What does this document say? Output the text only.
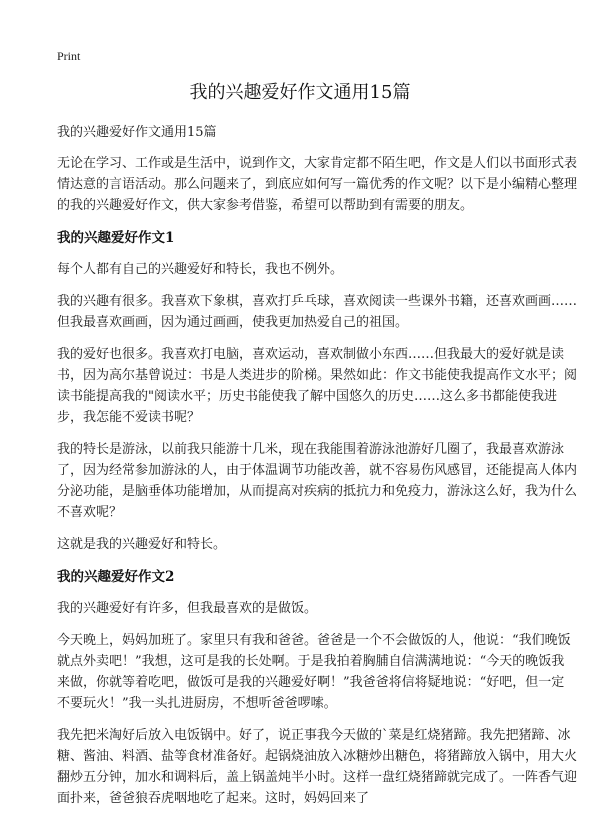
Print
我的兴趣爱好作文通用15篇

我的兴趣爱好作文通用15篇

无论在学习、工作或是生活中，说到作文，大家肯定都不陌生吧，作文是人们以书面形式表情达意的言语活动。那么问题来了，到底应如何写一篇优秀的作文呢？以下是小编精心整理的我的兴趣爱好作文，供大家参考借鉴，希望可以帮助到有需要的朋友。

我的兴趣爱好作文1

每个人都有自己的兴趣爱好和特长，我也不例外。

我的兴趣有很多。我喜欢下象棋，喜欢打乒乓球，喜欢阅读一些课外书籍，还喜欢画画……但我最喜欢画画，因为通过画画，使我更加热爱自己的祖国。

我的爱好也很多。我喜欢打电脑，喜欢运动，喜欢制做小东西……但我最大的爱好就是读书，因为高尔基曾说过：书是人类进步的阶梯。果然如此：作文书能使我提高作文水平；阅读书能提高我的"阅读水平；历史书能使我了解中国悠久的历史……这么多书都能使我进步，我怎能不爱读书呢？

我的特长是游泳，以前我只能游十几米，现在我能围着游泳池游好几圈了，我最喜欢游泳了，因为经常参加游泳的人，由于体温调节功能改善，就不容易伤风感冒，还能提高人体内分泌功能，是脑垂体功能增加，从而提高对疾病的抵抗力和免疫力，游泳这么好，我为什么不喜欢呢？

这就是我的兴趣爱好和特长。

我的兴趣爱好作文2

我的兴趣爱好有许多，但我最喜欢的是做饭。

今天晚上，妈妈加班了。家里只有我和爸爸。爸爸是一个不会做饭的人，他说：“我们晚饭就点外卖吧！”我想，这可是我的长处啊。于是我拍着胸脯自信满满地说：“今天的晚饭我来做，你就等着吃吧，做饭可是我的兴趣爱好啊！”我爸爸将信将疑地说：“好吧，但一定不要玩火！”我一头扎进厨房，不想听爸爸啰嗦。

我先把米淘好后放入电饭锅中。好了，说正事我今天做的`菜是红烧猪蹄。我先把猪蹄、冰糖、酱油、料酒、盐等食材准备好。起锅烧油放入冰糖炒出糖色，将猪蹄放入锅中，用大火翻炒五分钟，加水和调料后，盖上锅盖炖半小时。这样一盘红烧猪蹄就完成了。一阵香气迎面扑来，爸爸狼吞虎咽地吃了起来。这时，妈妈回来了
